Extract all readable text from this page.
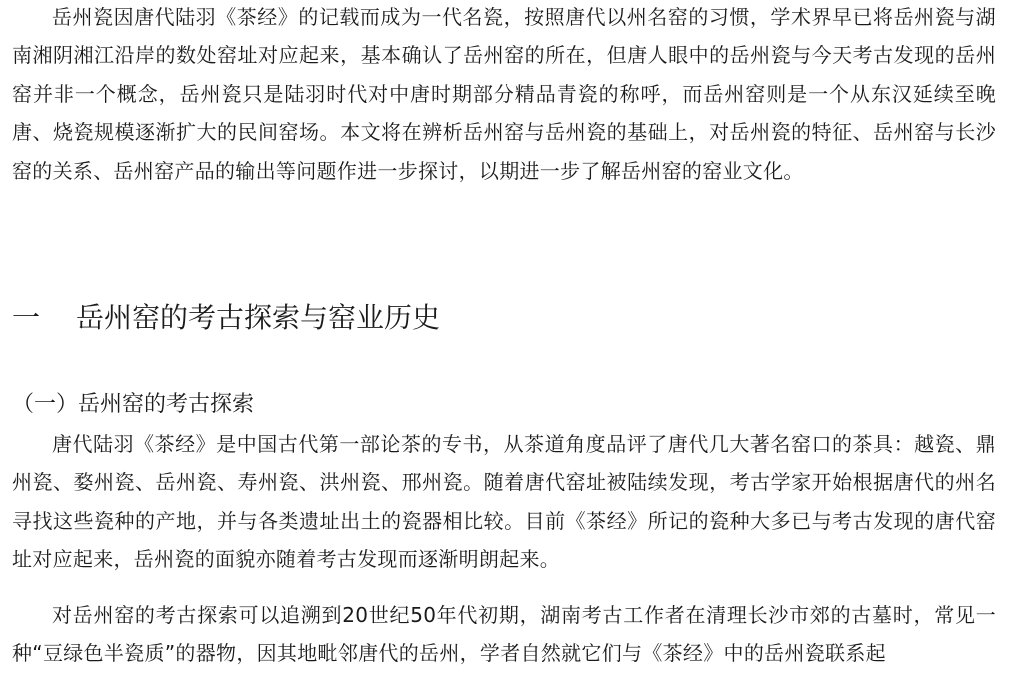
岳州瓷因唐代陆羽《茶经》的记载而成为一代名瓷，按照唐代以州名窑的习惯，学术界早已将岳州瓷与湖南湘阴湘江沿岸的数处窑址对应起来，基本确认了岳州窑的所在，但唐人眼中的岳州瓷与今天考古发现的岳州窑并非一个概念，岳州瓷只是陆羽时代对中唐时期部分精品青瓷的称呼，而岳州窑则是一个从东汉延续至晚唐、烧瓷规模逐渐扩大的民间窑场。本文将在辨析岳州窑与岳州瓷的基础上，对岳州瓷的特征、岳州窑与长沙窑的关系、岳州窑产品的输出等问题作进一步探讨，以期进一步了解岳州窑的窑业文化。

一 岳州窑的考古探索与窑业历史
（一）岳州窑的考古探索

唐代陆羽《茶经》是中国古代第一部论茶的专书，从茶道角度品评了唐代几大著名窑口的茶具：越瓷、鼎州瓷、婺州瓷、岳州瓷、寿州瓷、洪州瓷、邢州瓷。随着唐代窑址被陆续发现，考古学家开始根据唐代的州名寻找这些瓷种的产地，并与各类遗址出土的瓷器相比较。目前《茶经》所记的瓷种大多已与考古发现的唐代窑址对应起来，岳州瓷的面貌亦随着考古发现而逐渐明朗起来。

对岳州窑的考古探索可以追溯到20世纪50年代初期，湖南考古工作者在清理长沙市郊的古墓时，常见一种“豆绿色半瓷质”的器物，因其地毗邻唐代的岳州，学者自然就它们与《茶经》中的岳州瓷联系起
